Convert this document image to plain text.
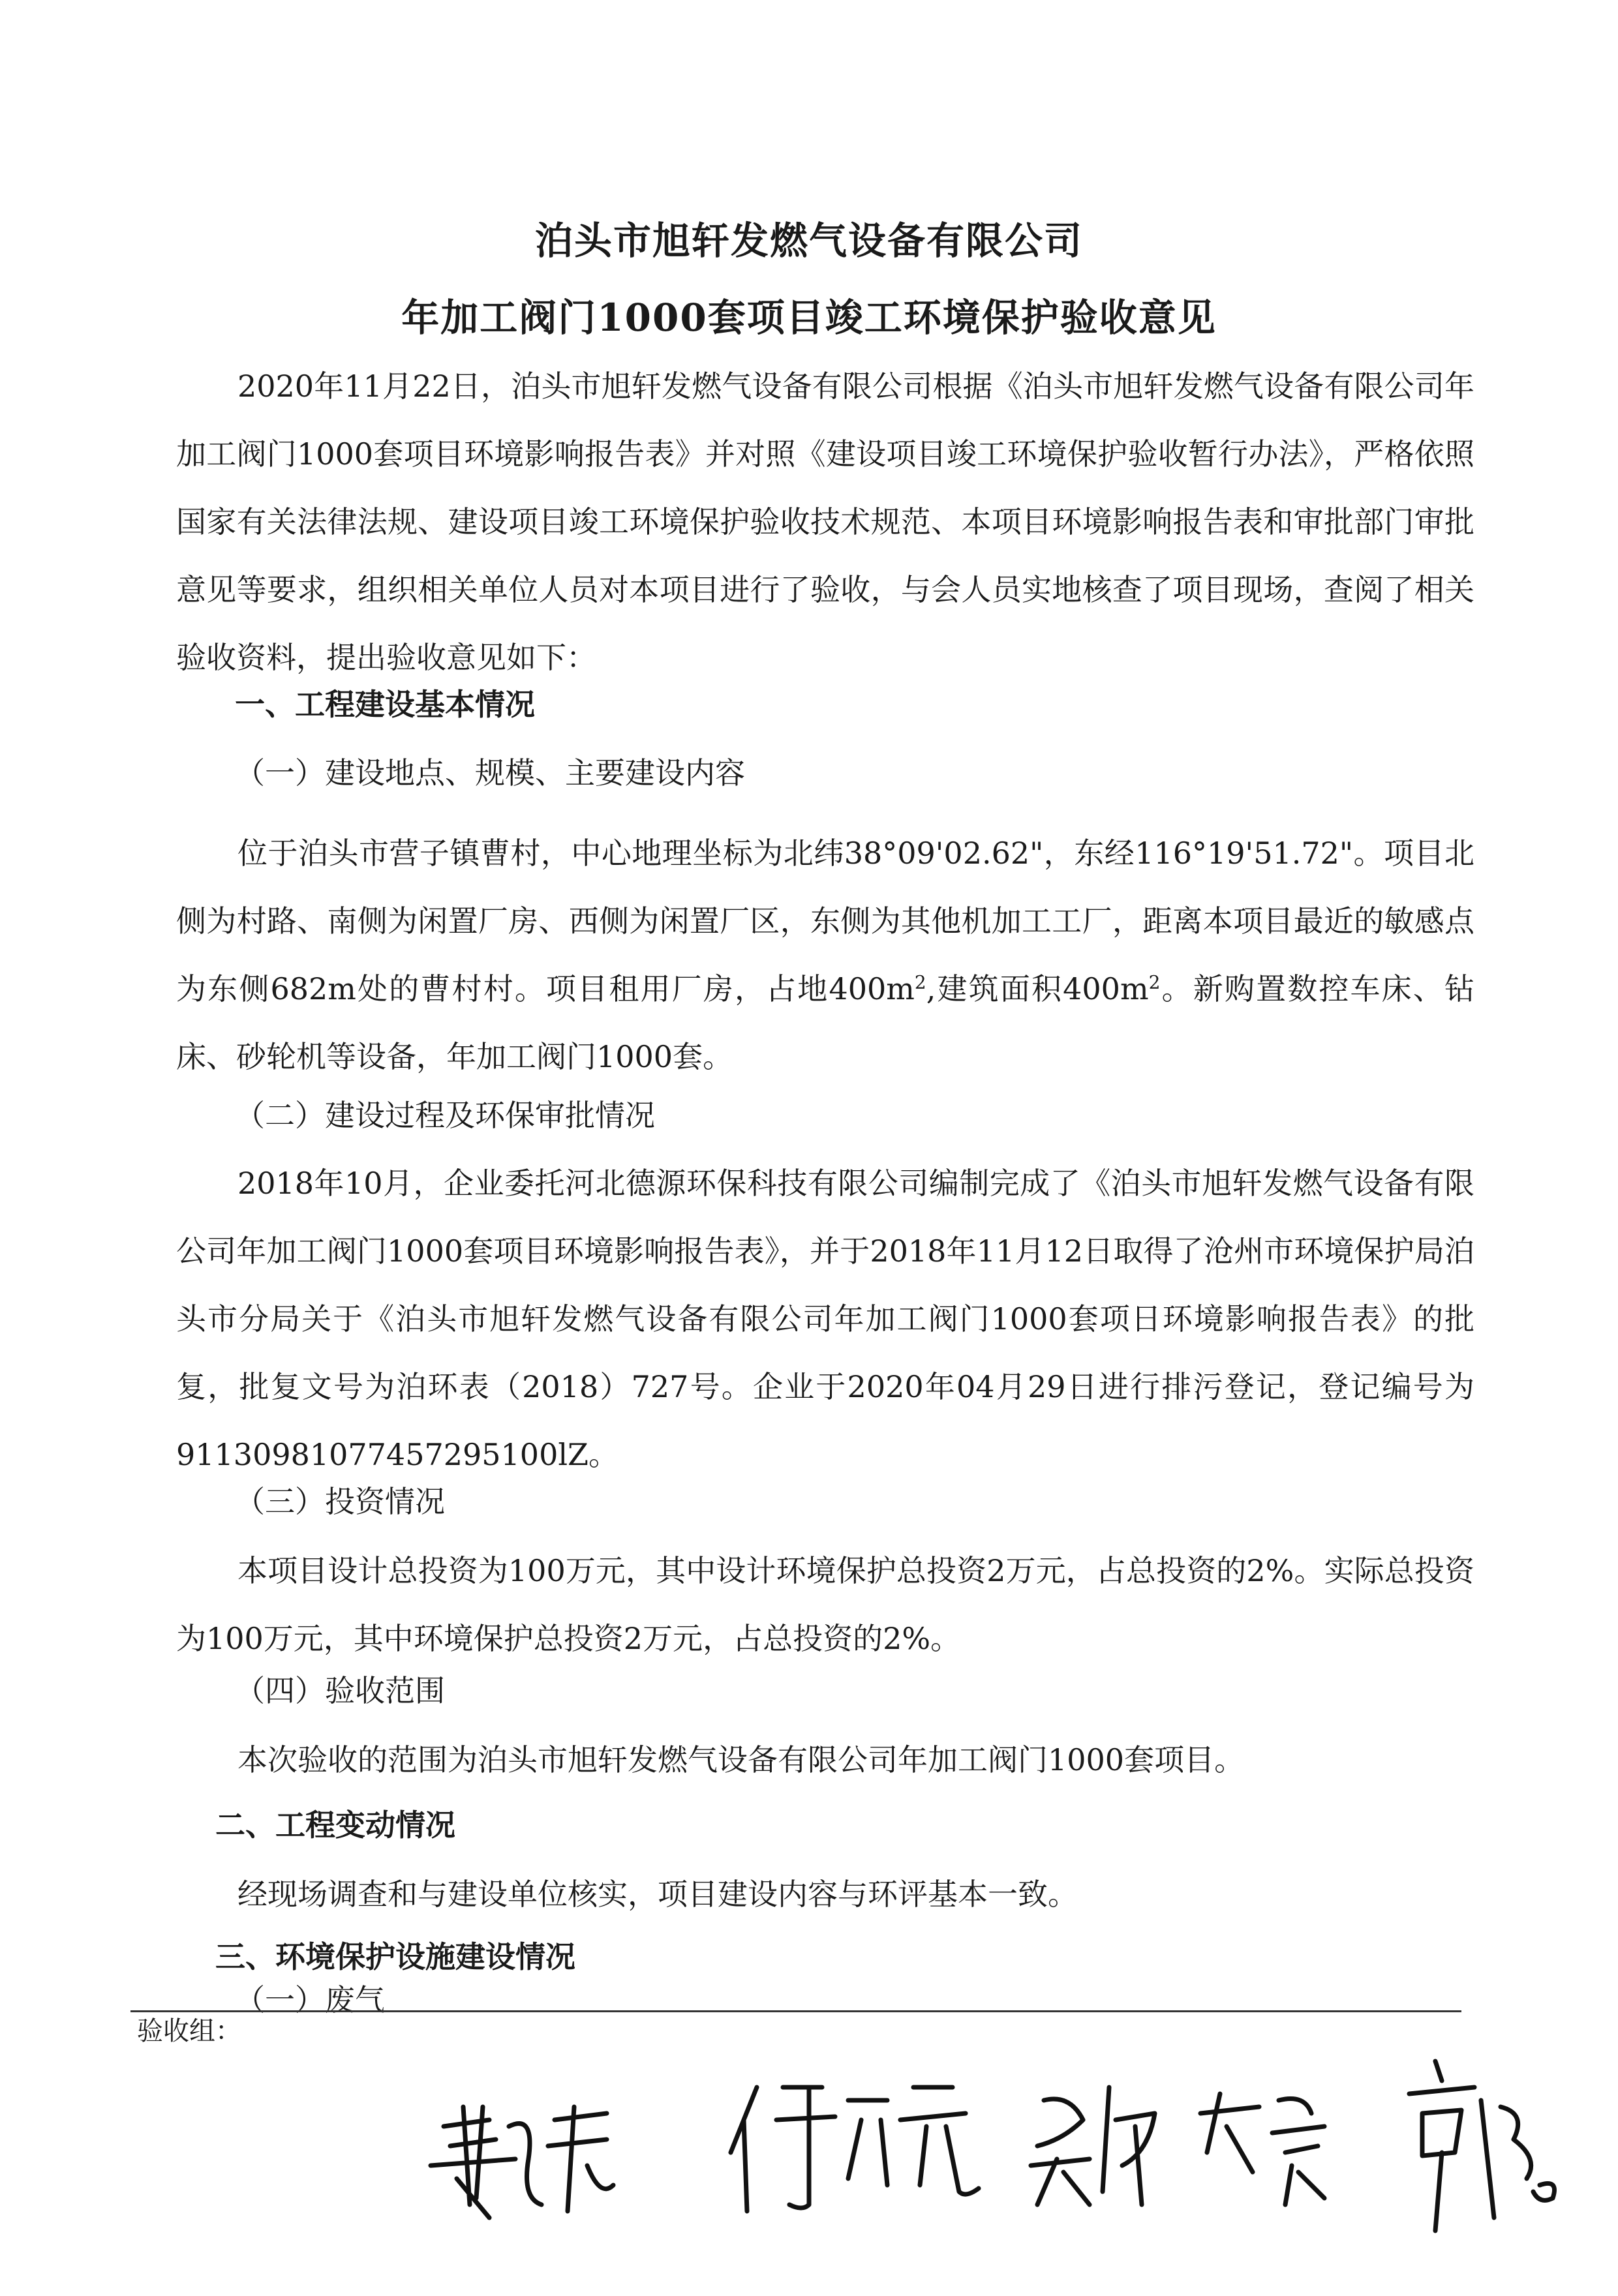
泊头市旭轩发燃气设备有限公司
年加工阀门1000套项目竣工环境保护验收意见

2020年11月22日，泊头市旭轩发燃气设备有限公司根据《泊头市旭轩发燃气设备有限公司年加工阀门1000套项目环境影响报告表》并对照《建设项目竣工环境保护验收暂行办法》，严格依照国家有关法律法规、建设项目竣工环境保护验收技术规范、本项目环境影响报告表和审批部门审批意见等要求，组织相关单位人员对本项目进行了验收，与会人员实地核查了项目现场，查阅了相关验收资料，提出验收意见如下：

一、工程建设基本情况
（一）建设地点、规模、主要建设内容

位于泊头市营子镇曹村，中心地理坐标为北纬38°09'02.62"，东经116°19'51.72"。项目北侧为村路、南侧为闲置厂房、西侧为闲置厂区，东侧为其他机加工工厂，距离本项目最近的敏感点为东侧682m处的曹村村。项目租用厂房，占地$400m^2$,建筑面积$400m^2$。新购置数控车床、钻床、砂轮机等设备，年加工阀门1000套。

（二）建设过程及环保审批情况

2018年10月，企业委托河北德源环保科技有限公司编制完成了《泊头市旭轩发燃气设备有限公司年加工阀门1000套项目环境影响报告表》，并于2018年11月12日取得了沧州市环境保护局泊头市分局关于《泊头市旭轩发燃气设备有限公司年加工阀门1000套项日环境影响报告表》的批复，批复文号为泊环表（2018）727号。企业于2020年04月29日进行排污登记，登记编号为91130981077457295100lZ。

（三）投资情况

本项目设计总投资为100万元，其中设计环境保护总投资2万元，占总投资的2%。实际总投资为100万元，其中环境保护总投资2万元，占总投资的2%。

（四）验收范围

本次验收的范围为泊头市旭轩发燃气设备有限公司年加工阀门1000套项目。

二、工程变动情况

经现场调查和与建设单位核实，项目建设内容与环评基本一致。

三、环境保护设施建设情况
（一）废气
验收组：
